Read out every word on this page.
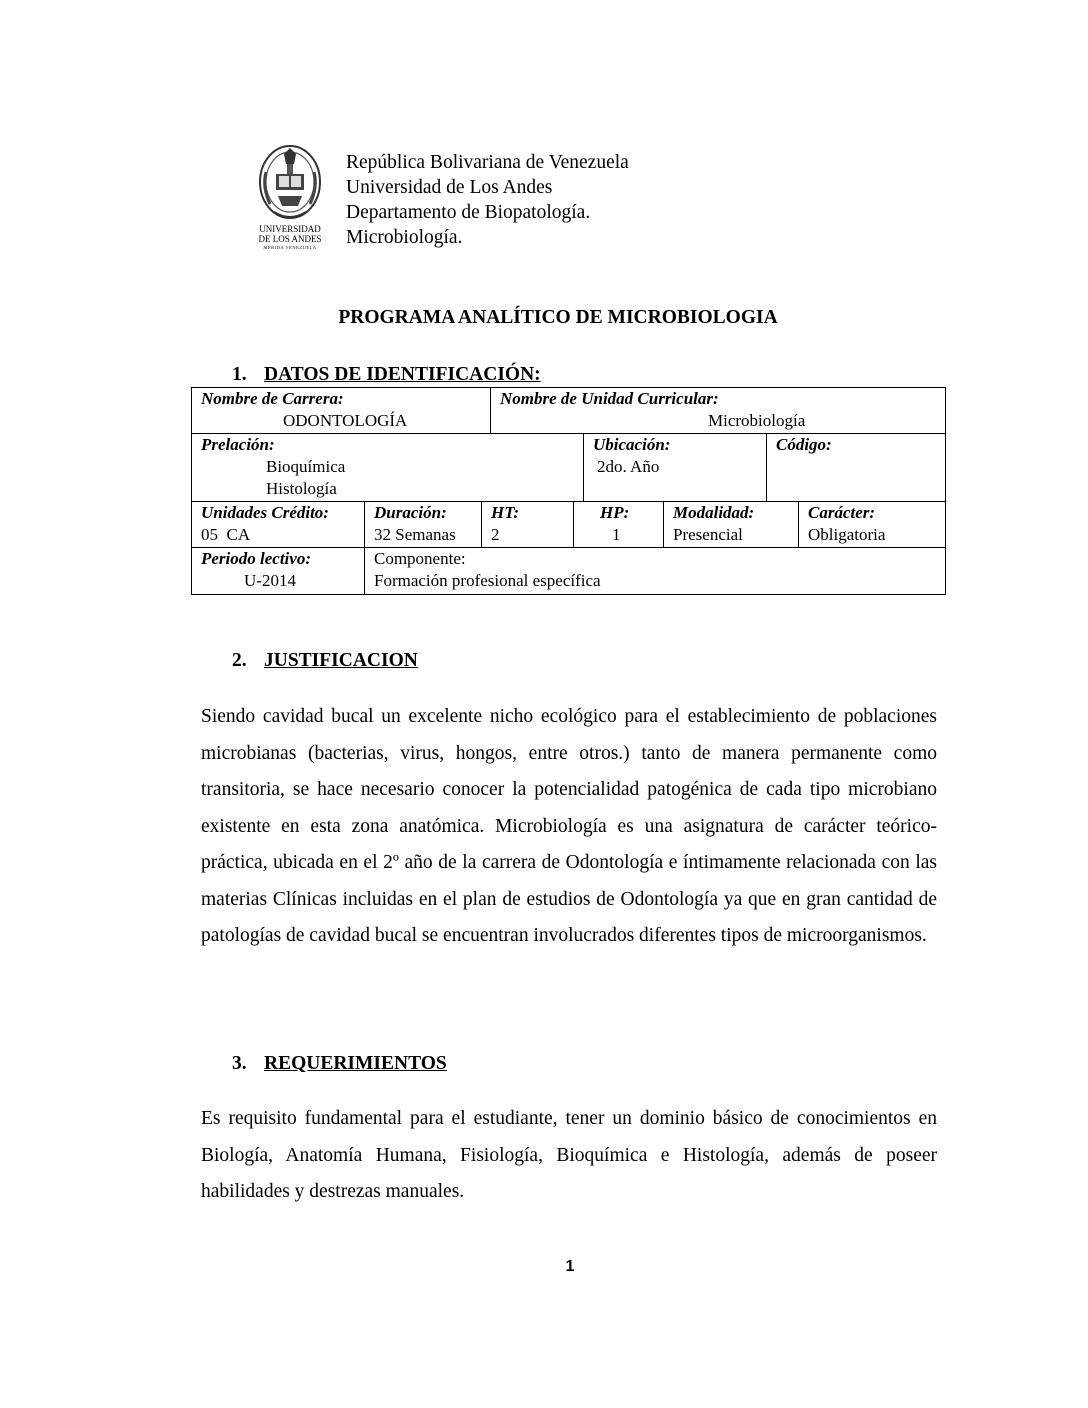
UNIVERSIDAD
DE LOS ANDES
MÉRIDA VENEZUELA
República Bolivariana de Venezuela
Universidad de Los Andes
Departamento de Biopatología.
Microbiología.
PROGRAMA ANALÍTICO DE MICROBIOLOGIA
1. DATOS DE IDENTIFICACIÓN:
Nombre de Carrera:
ODONTOLOGÍA
Nombre de Unidad Curricular:
Microbiología
Prelación:
Bioquímica
Histología
Ubicación:
2do. Año
Código:
Unidades Crédito:
05  CA
Duración:
32 Semanas
HT:
2
HP:
1
Modalidad:
Presencial
Carácter:
Obligatoria
Periodo lectivo:
U-2014
Componente:
Formación profesional específica
2. JUSTIFICACION
Siendo cavidad bucal un excelente nicho ecológico para el establecimiento de poblaciones microbianas (bacterias, virus, hongos, entre otros.) tanto de manera permanente como transitoria, se hace necesario conocer la potencialidad patogénica de cada tipo microbiano existente en esta zona anatómica. Microbiología es una asignatura de carácter teórico-práctica, ubicada en el 2º año de la carrera de Odontología e íntimamente relacionada con las materias Clínicas incluidas en el plan de estudios de Odontología ya que en gran cantidad de patologías de cavidad bucal se encuentran involucrados diferentes tipos de microorganismos.
3. REQUERIMIENTOS
Es requisito fundamental para el estudiante, tener un dominio básico de conocimientos en Biología, Anatomía Humana, Fisiología, Bioquímica e Histología, además de poseer habilidades y destrezas manuales.
1
